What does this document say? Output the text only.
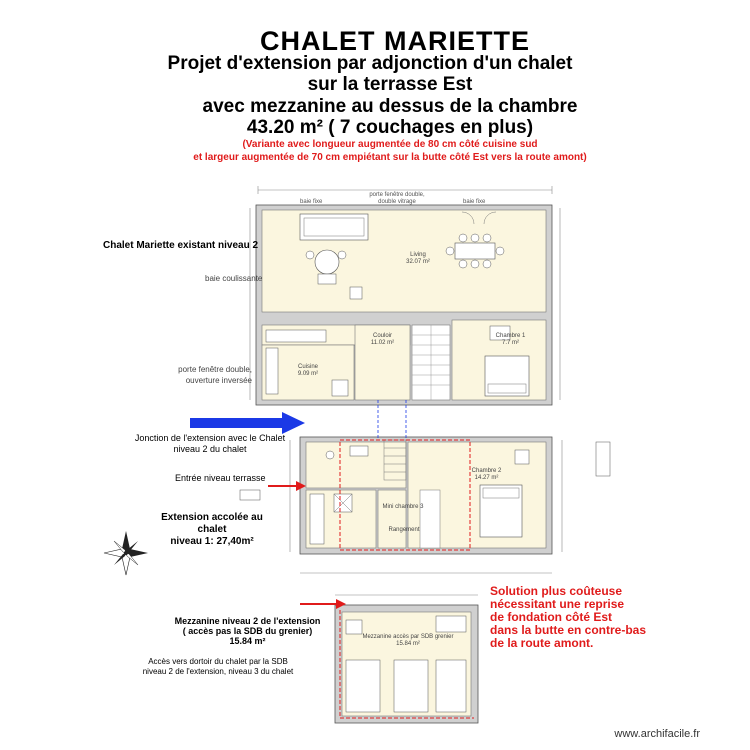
CHALET MARIETTE
Projet d'extension par adjonction d'un chalet
sur la terrasse Est
avec mezzanine au dessus de la chambre
43.20 m² ( 7 couchages en plus)
(Variante avec longueur augmentée de 80 cm côté cuisine sud
et largeur augmentée de 70 cm empiétant sur la butte côté Est vers la route amont)
baie fixe
porte fenêtre double,
double vitrage	baie fixe
Living
32.07 m²
Couloir
11.02 m²
Chambre 1
7.7 m²
Cuisine
9.09 m²
Chambre 2
14.27 m²
Mini chambre 3
Rangement
Mezzanine accès par SDB grenier
15.84 m²
Chalet Mariette existant niveau 2
baie coulissante
porte fenêtre double,
ouverture inversée
Jonction de l'extension avec le Chalet
niveau 2 du chalet
Entrée niveau terrasse
Extension accolée au chalet
niveau 1: 27,40m²
Mezzanine niveau 2 de l'extension
( accès pas la SDB du grenier)
15.84 m²
Accès vers dortoir du chalet par la SDB
niveau 2 de l'extension, niveau 3 du chalet
Solution plus coûteuse
nécessitant une reprise
de fondation côté Est
dans la butte en contre-bas
de la route amont.
www.archifacile.fr
